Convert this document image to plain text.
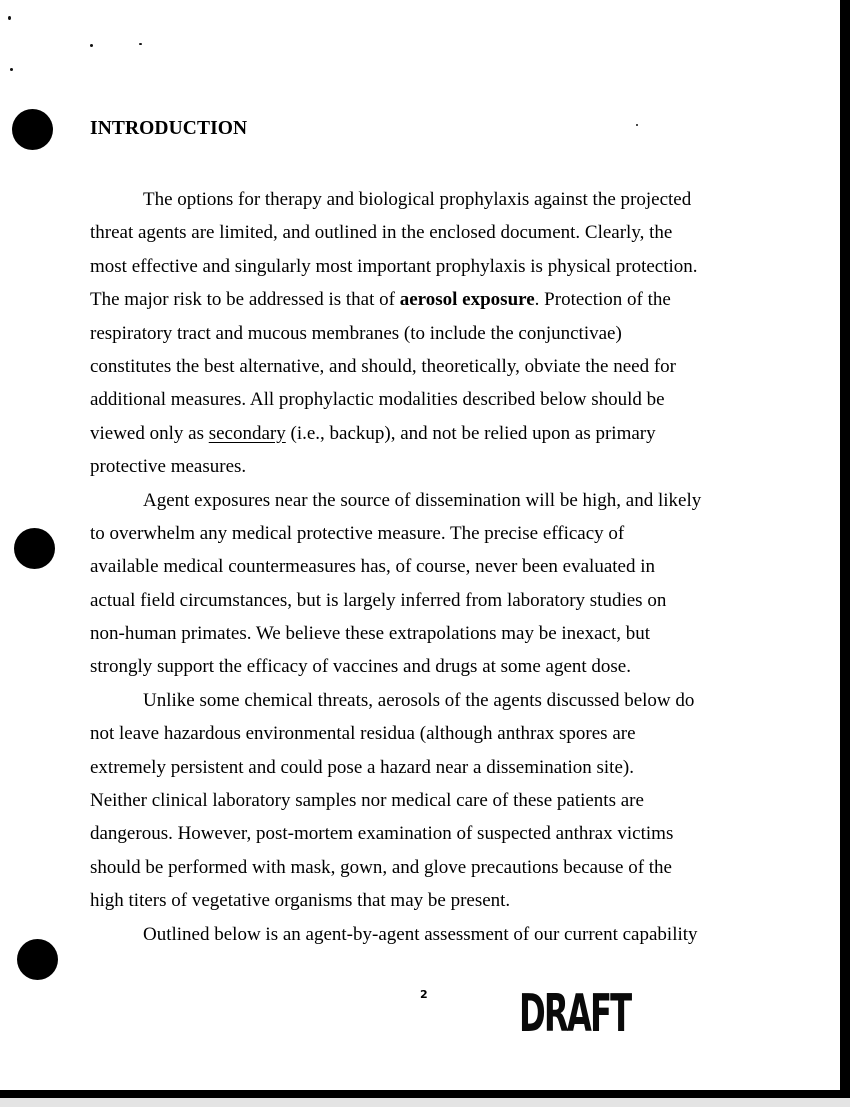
INTRODUCTION
The options for therapy and biological prophylaxis against the projected
threat agents are limited, and outlined in the enclosed document. Clearly, the
most effective and singularly most important prophylaxis is physical protection.
The major risk to be addressed is that of aerosol exposure. Protection of the
respiratory tract and mucous membranes (to include the conjunctivae)
constitutes the best alternative, and should, theoretically, obviate the need for
additional measures. All prophylactic modalities described below should be
viewed only as secondary (i.e., backup), and not be relied upon as primary
protective measures.
Agent exposures near the source of dissemination will be high, and likely
to overwhelm any medical protective measure. The precise efficacy of
available medical countermeasures has, of course, never been evaluated in
actual field circumstances, but is largely inferred from laboratory studies on
non-human primates. We believe these extrapolations may be inexact, but
strongly support the efficacy of vaccines and drugs at some agent dose.
Unlike some chemical threats, aerosols of the agents discussed below do
not leave hazardous environmental residua (although anthrax spores are
extremely persistent and could pose a hazard near a dissemination site).
Neither clinical laboratory samples nor medical care of these patients are
dangerous. However, post-mortem examination of suspected anthrax victims
should be performed with mask, gown, and glove precautions because of the
high titers of vegetative organisms that may be present.
Outlined below is an agent-by-agent assessment of our current capability
2 DRAFT
